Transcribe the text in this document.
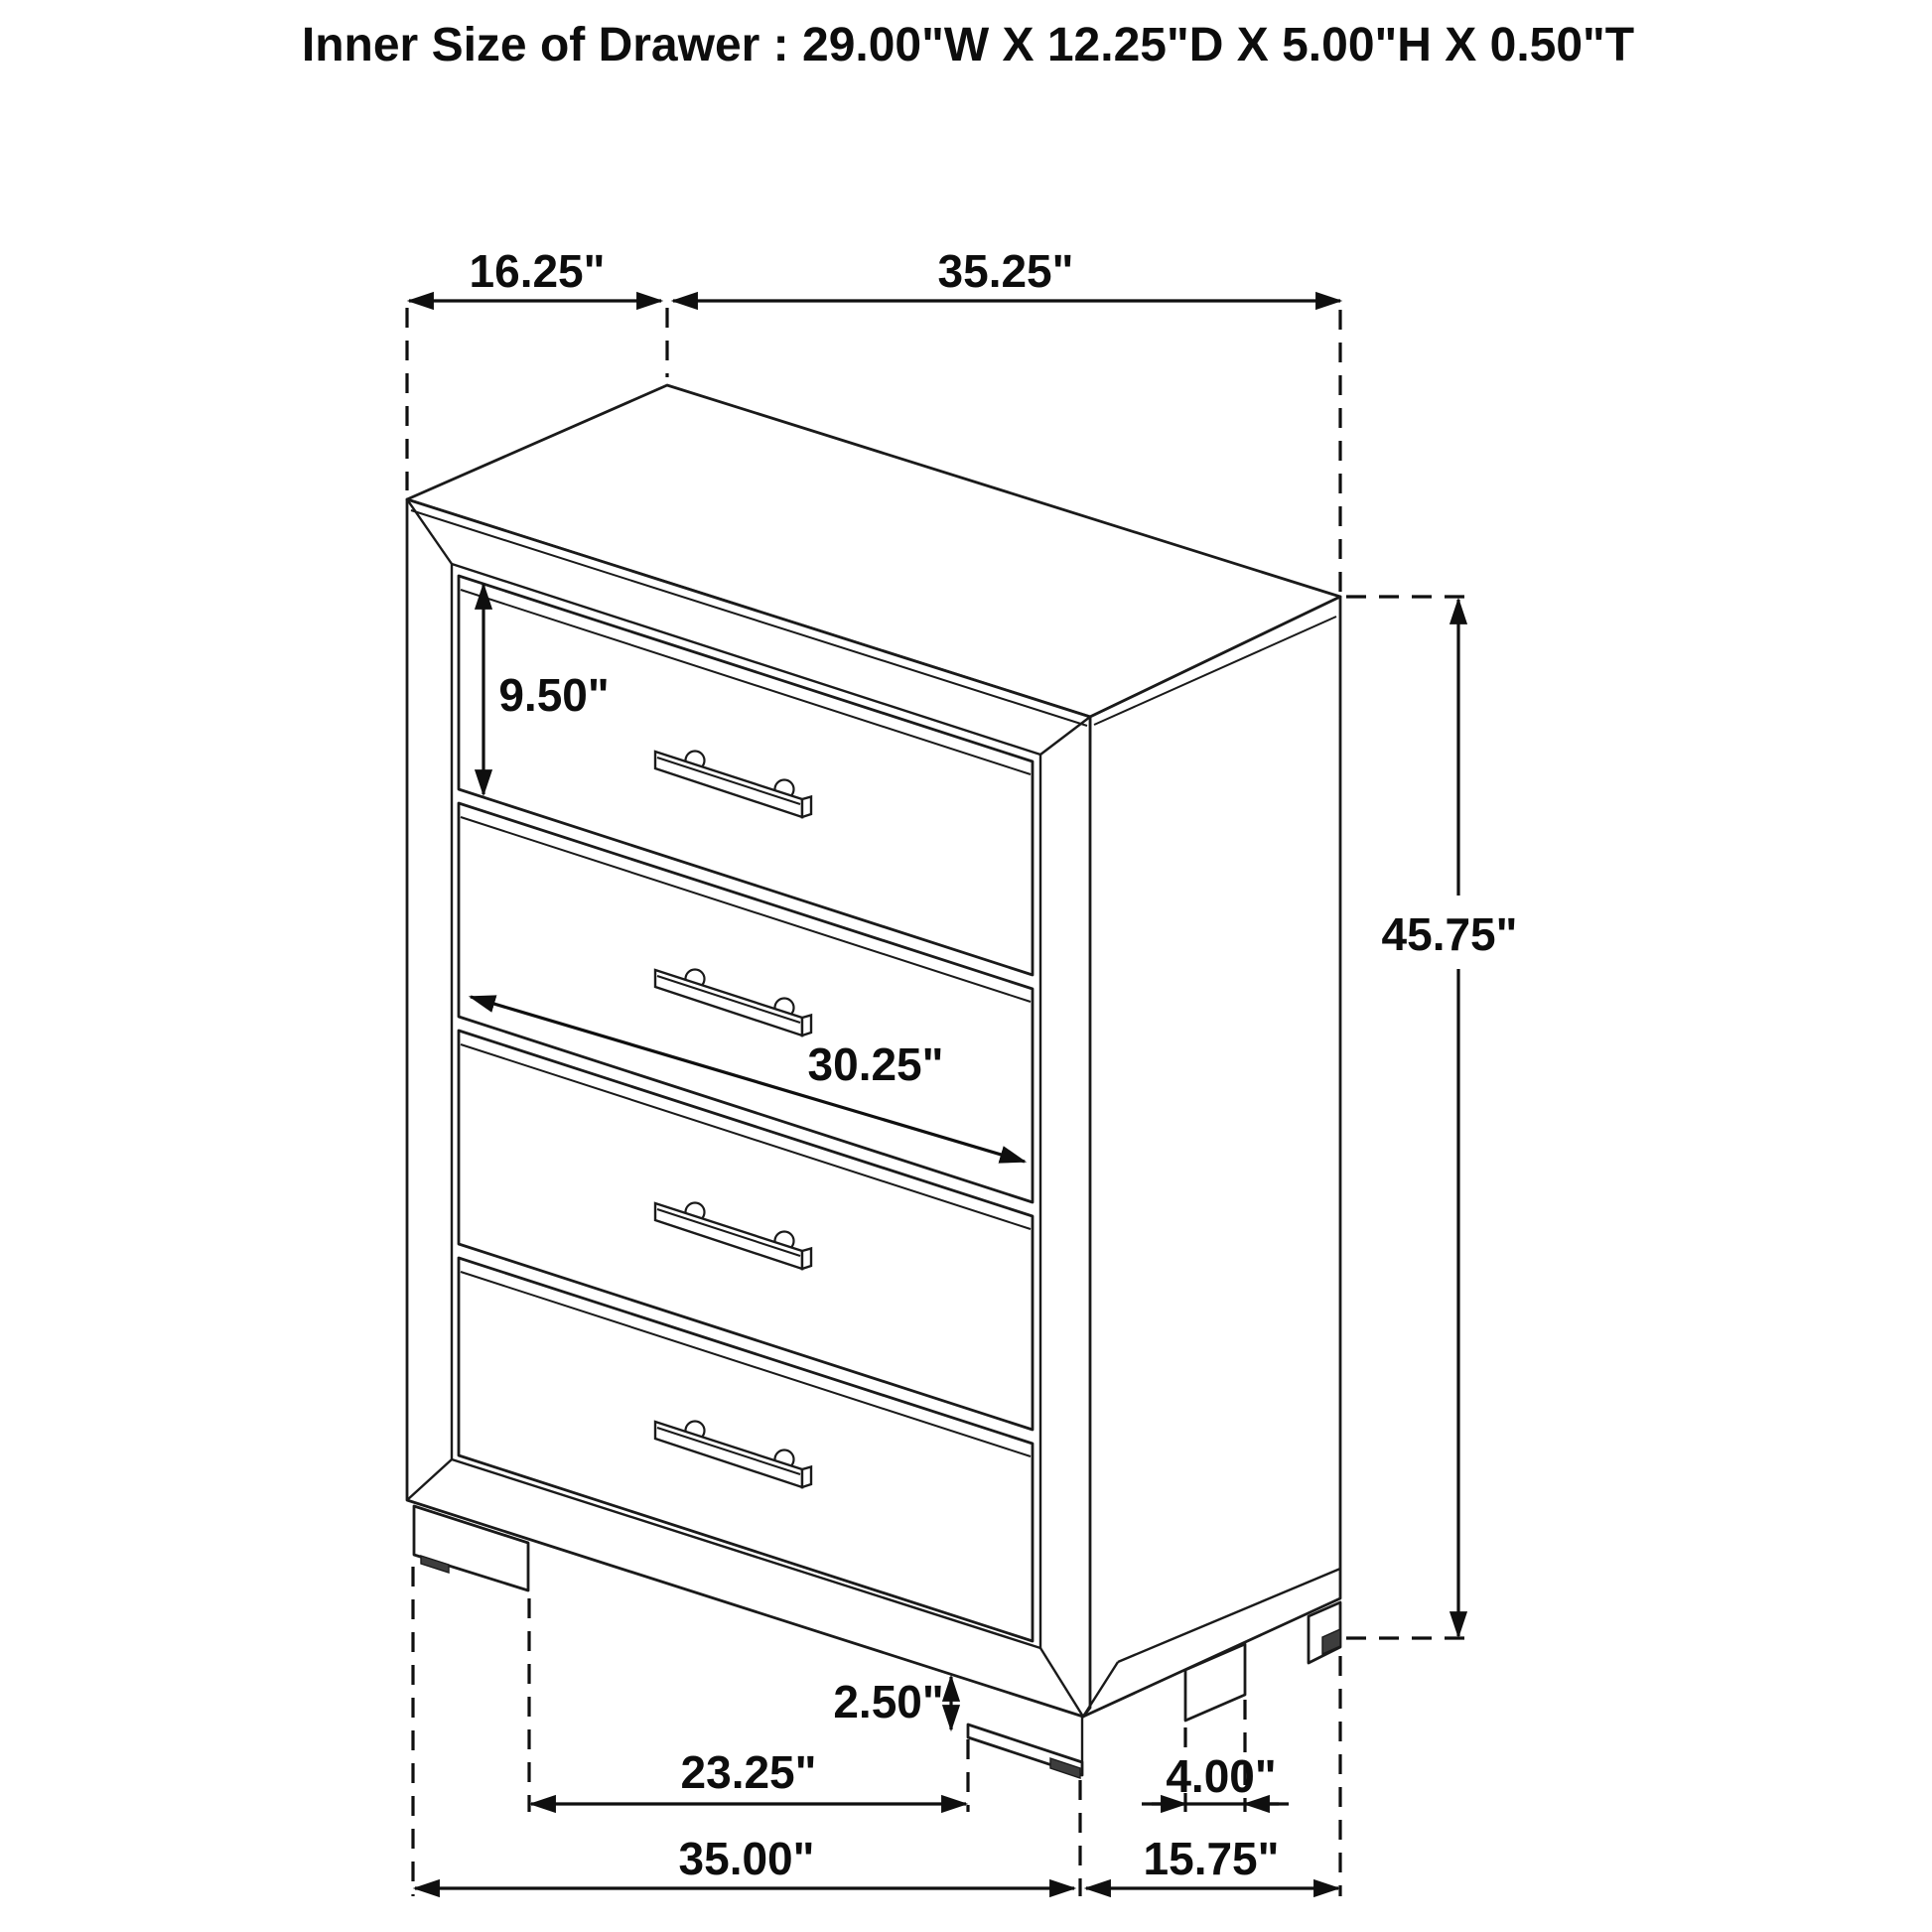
Inner Size of Drawer : 29.00"W X 12.25"D X 5.00"H X 0.50"T
16.25"	35.25"
45.75"
9.50"
30.25"
2.50"
23.25"	4.00"
35.00"	15.75"
